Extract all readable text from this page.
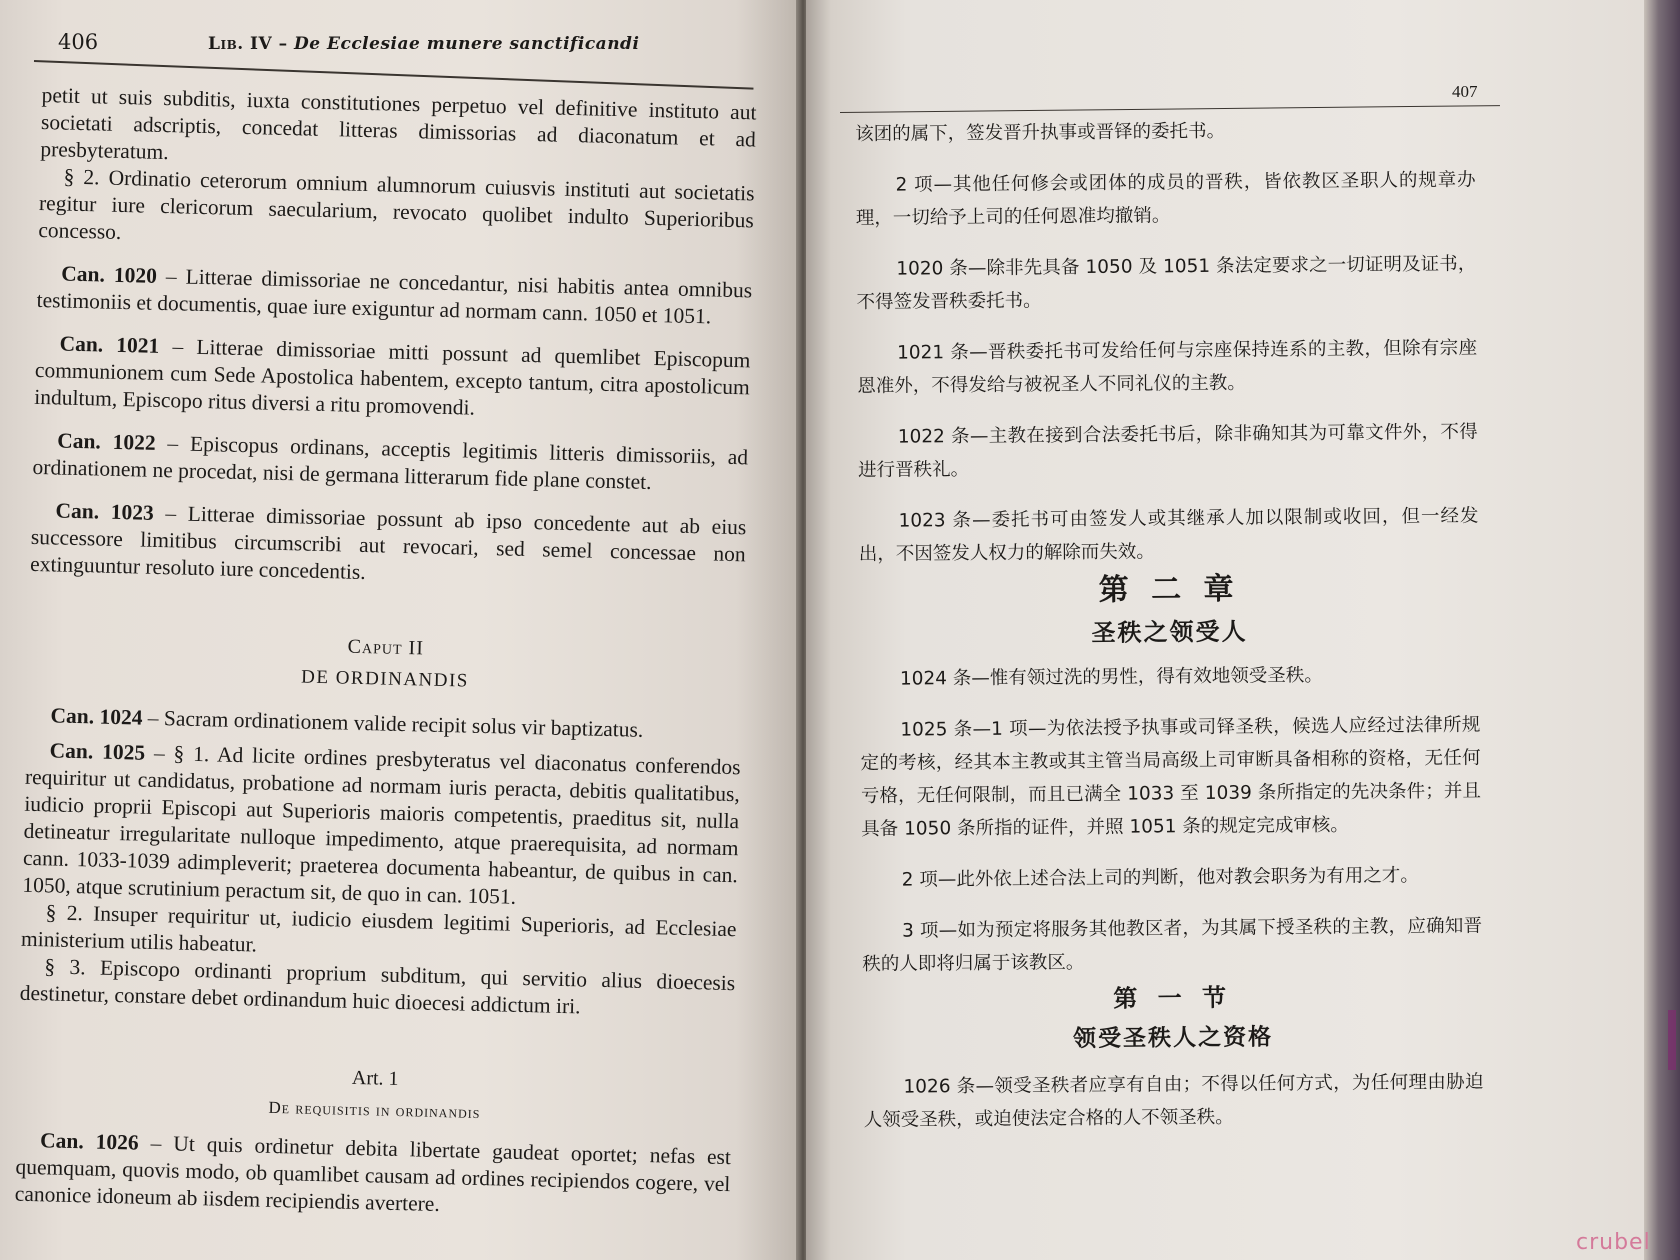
406	Lib. IV – De Ecclesiae munere sanctificandi

petit ut suis subditis, iuxta constitutiones perpetuo vel definitive instituto aut societati adscriptis, concedat litteras dimissorias ad diaconatum et ad presbyteratum.

§ 2. Ordinatio ceterorum omnium alumnorum cuiusvis instituti aut societatis regitur iure clericorum saecularium, revocato quolibet indulto Superioribus concesso.

Can. 1020 – Litterae dimissoriae ne concedantur, nisi habitis antea omnibus testimoniis et documentis, quae iure exiguntur ad normam cann. 1050 et 1051.

Can. 1021 – Litterae dimissoriae mitti possunt ad quemlibet Episcopum communionem cum Sede Apostolica habentem, excepto tantum, citra apostolicum indultum, Episcopo ritus diversi a ritu promovendi.

Can. 1022 – Episcopus ordinans, acceptis legitimis litteris dimissoriis, ad ordinationem ne procedat, nisi de germana litterarum fide plane constet.

Can. 1023 – Litterae dimissoriae possunt ab ipso concedente aut ab eius successore limitibus circumscribi aut revocari, sed semel concessae non extinguuntur resoluto iure concedentis.

Caput II

DE ORDINANDIS

Can. 1024 – Sacram ordinationem valide recipit solus vir baptizatus.

Can. 1025 – § 1. Ad licite ordines presbyteratus vel diaconatus conferendos requiritur ut candidatus, probatione ad normam iuris peracta, debitis qualitatibus, iudicio proprii Episcopi aut Superioris maioris competentis, praeditus sit, nulla detineatur irregularitate nulloque impedimento, atque praerequisita, ad normam cann. 1033-1039 adimpleverit; praeterea documenta habeantur, de quibus in can. 1050, atque scrutinium peractum sit, de quo in can. 1051.

§ 2. Insuper requiritur ut, iudicio eiusdem legitimi Superioris, ad Ecclesiae ministerium utilis habeatur.

§ 3. Episcopo ordinanti proprium subditum, qui servitio alius dioecesis destinetur, constare debet ordinandum huic dioecesi addictum iri.

Art. 1

De requisitis in ordinandis

Can. 1026 – Ut quis ordinetur debita libertate gaudeat oportet; nefas est quemquam, quovis modo, ob quamlibet causam ad ordines recipiendos cogere, vel canonice idoneum ab iisdem recipiendis avertere.

407

该团的属下，签发晋升执事或晋铎的委托书。

2 项—其他任何修会或团体的成员的晋秩，皆依教区圣职人的规章办理，一切给予上司的任何恩准均撤销。

1020 条—除非先具备 1050 及 1051 条法定要求之一切证明及证书，不得签发晋秩委托书。

1021 条—晋秩委托书可发给任何与宗座保持连系的主教，但除有宗座恩准外，不得发给与被祝圣人不同礼仪的主教。

1022 条—主教在接到合法委托书后，除非确知其为可靠文件外，不得进行晋秩礼。

1023 条—委托书可由签发人或其继承人加以限制或收回，但一经发出，不因签发人权力的解除而失效。

第 二 章

圣秩之领受人

1024 条—惟有领过洗的男性，得有效地领受圣秩。

1025 条—1 项—为依法授予执事或司铎圣秩，候选人应经过法律所规定的考核，经其本主教或其主管当局高级上司审断具备相称的资格，无任何亏格，无任何限制，而且已满全 1033 至 1039 条所指定的先决条件；并且具备 1050 条所指的证件，并照 1051 条的规定完成审核。

2 项—此外依上述合法上司的判断，他对教会职务为有用之才。

3 项—如为预定将服务其他教区者，为其属下授圣秩的主教，应确知晋秩的人即将归属于该教区。

第 一 节

领受圣秩人之资格

1026 条—领受圣秩者应享有自由；不得以任何方式，为任何理由胁迫人领受圣秩，或迫使法定合格的人不领圣秩。

crubel
